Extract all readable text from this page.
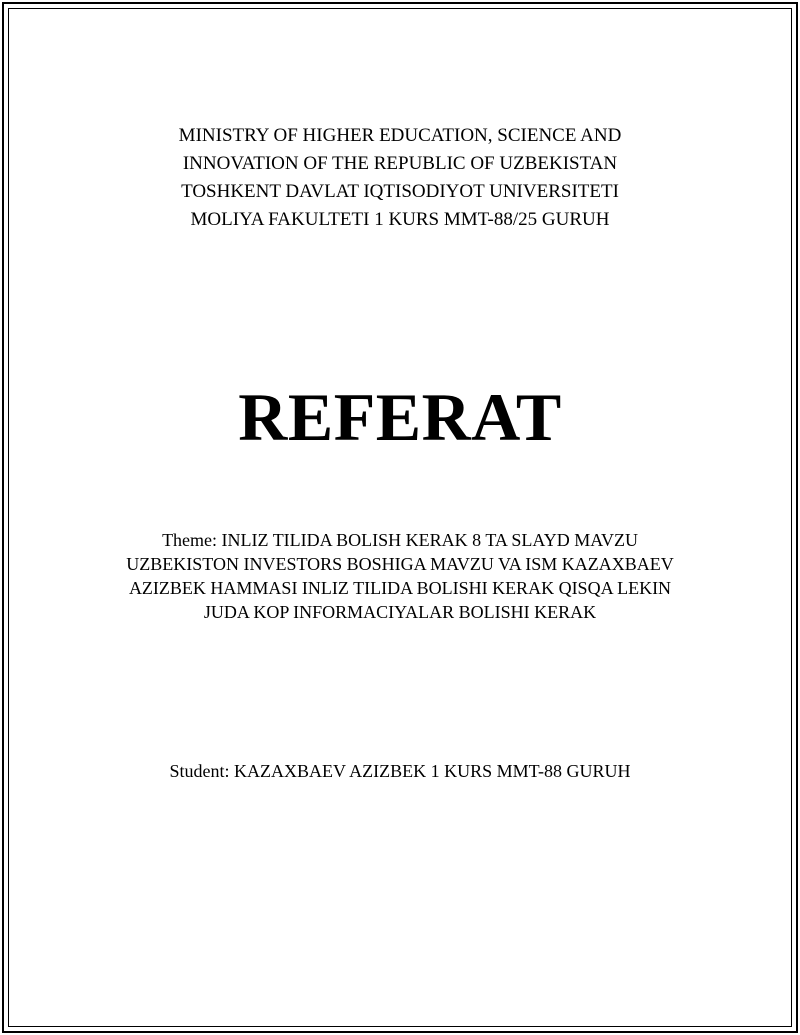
MINISTRY OF HIGHER EDUCATION, SCIENCE AND
INNOVATION OF THE REPUBLIC OF UZBEKISTAN
TOSHKENT DAVLAT IQTISODIYOT UNIVERSITETI
MOLIYA FAKULTETI 1 KURS MMT-88/25 GURUH
REFERAT
Theme: INLIZ TILIDA BOLISH KERAK 8 TA SLAYD MAVZU UZBEKISTON INVESTORS BOSHIGA MAVZU VA ISM KAZAXBAEV AZIZBEK HAMMASI INLIZ TILIDA BOLISHI KERAK QISQA LEKIN JUDA KOP INFORMACIYALAR BOLISHI KERAK
Student: KAZAXBAEV AZIZBEK 1 KURS MMT-88 GURUH
